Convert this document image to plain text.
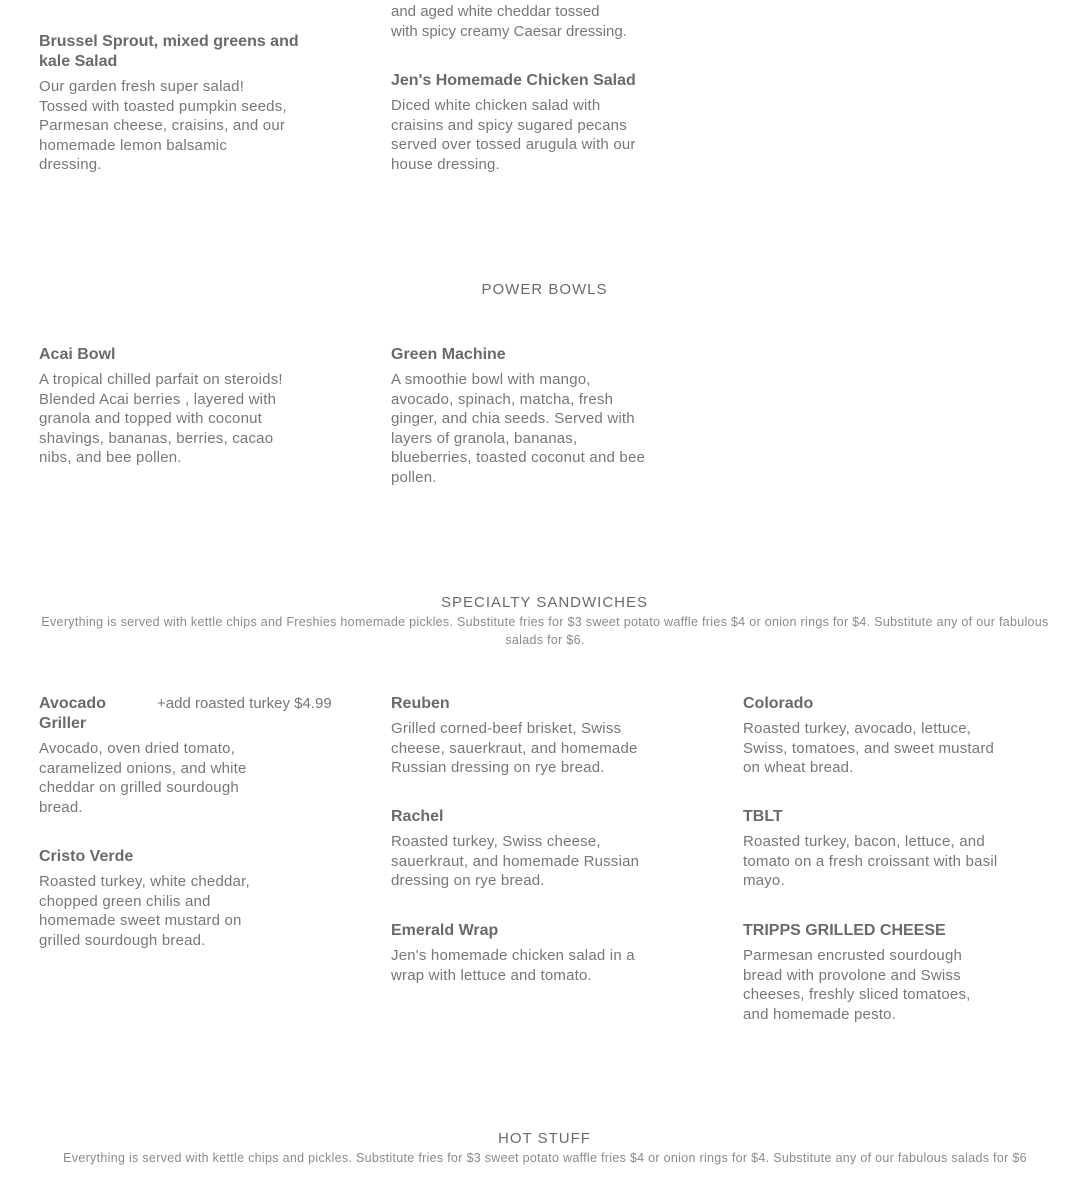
and aged white cheddar tossed
with spicy creamy Caesar dressing.

Brussel Sprout, mixed greens and kale Salad

Our garden fresh super salad! Tossed with toasted pumpkin seeds, Parmesan cheese, craisins, and our homemade lemon balsamic dressing.

Jen's Homemade Chicken Salad

Diced white chicken salad with craisins and spicy sugared pecans served over tossed arugula with our house dressing.

POWER BOWLS

Acai Bowl

A tropical chilled parfait on steroids! Blended Acai berries , layered with granola and topped with coconut shavings, bananas, berries, cacao nibs, and bee pollen.

Green Machine

A smoothie bowl with mango, avocado, spinach, matcha, fresh ginger, and chia seeds. Served with layers of granola, bananas, blueberries, toasted coconut and bee pollen.

SPECIALTY SANDWICHES
Everything is served with kettle chips and Freshies homemade pickles. Substitute fries for $3 sweet potato waffle fries $4 or onion rings for $4. Substitute any of our fabulous salads for $6.

Avocado Griller

Avocado, oven dried tomato, caramelized onions, and white cheddar on grilled sourdough bread.

+add roasted turkey $4.99

Cristo Verde

Roasted turkey, white cheddar, chopped green chilis and homemade sweet mustard on grilled sourdough bread.

Reuben

Grilled corned-beef brisket, Swiss cheese, sauerkraut, and homemade Russian dressing on rye bread.

Rachel

Roasted turkey, Swiss cheese, sauerkraut, and homemade Russian dressing on rye bread.

Emerald Wrap

Jen's homemade chicken salad in a wrap with lettuce and tomato.

Colorado

Roasted turkey, avocado, lettuce, Swiss, tomatoes, and sweet mustard on wheat bread.

TBLT

Roasted turkey, bacon, lettuce, and tomato on a fresh croissant with basil mayo.

TRIPPS GRILLED CHEESE

Parmesan encrusted sourdough bread with provolone and Swiss cheeses, freshly sliced tomatoes, and homemade pesto.

HOT STUFF
Everything is served with kettle chips and pickles. Substitute fries for $3 sweet potato waffle fries $4 or onion rings for $4. Substitute any of our fabulous salads for $6
